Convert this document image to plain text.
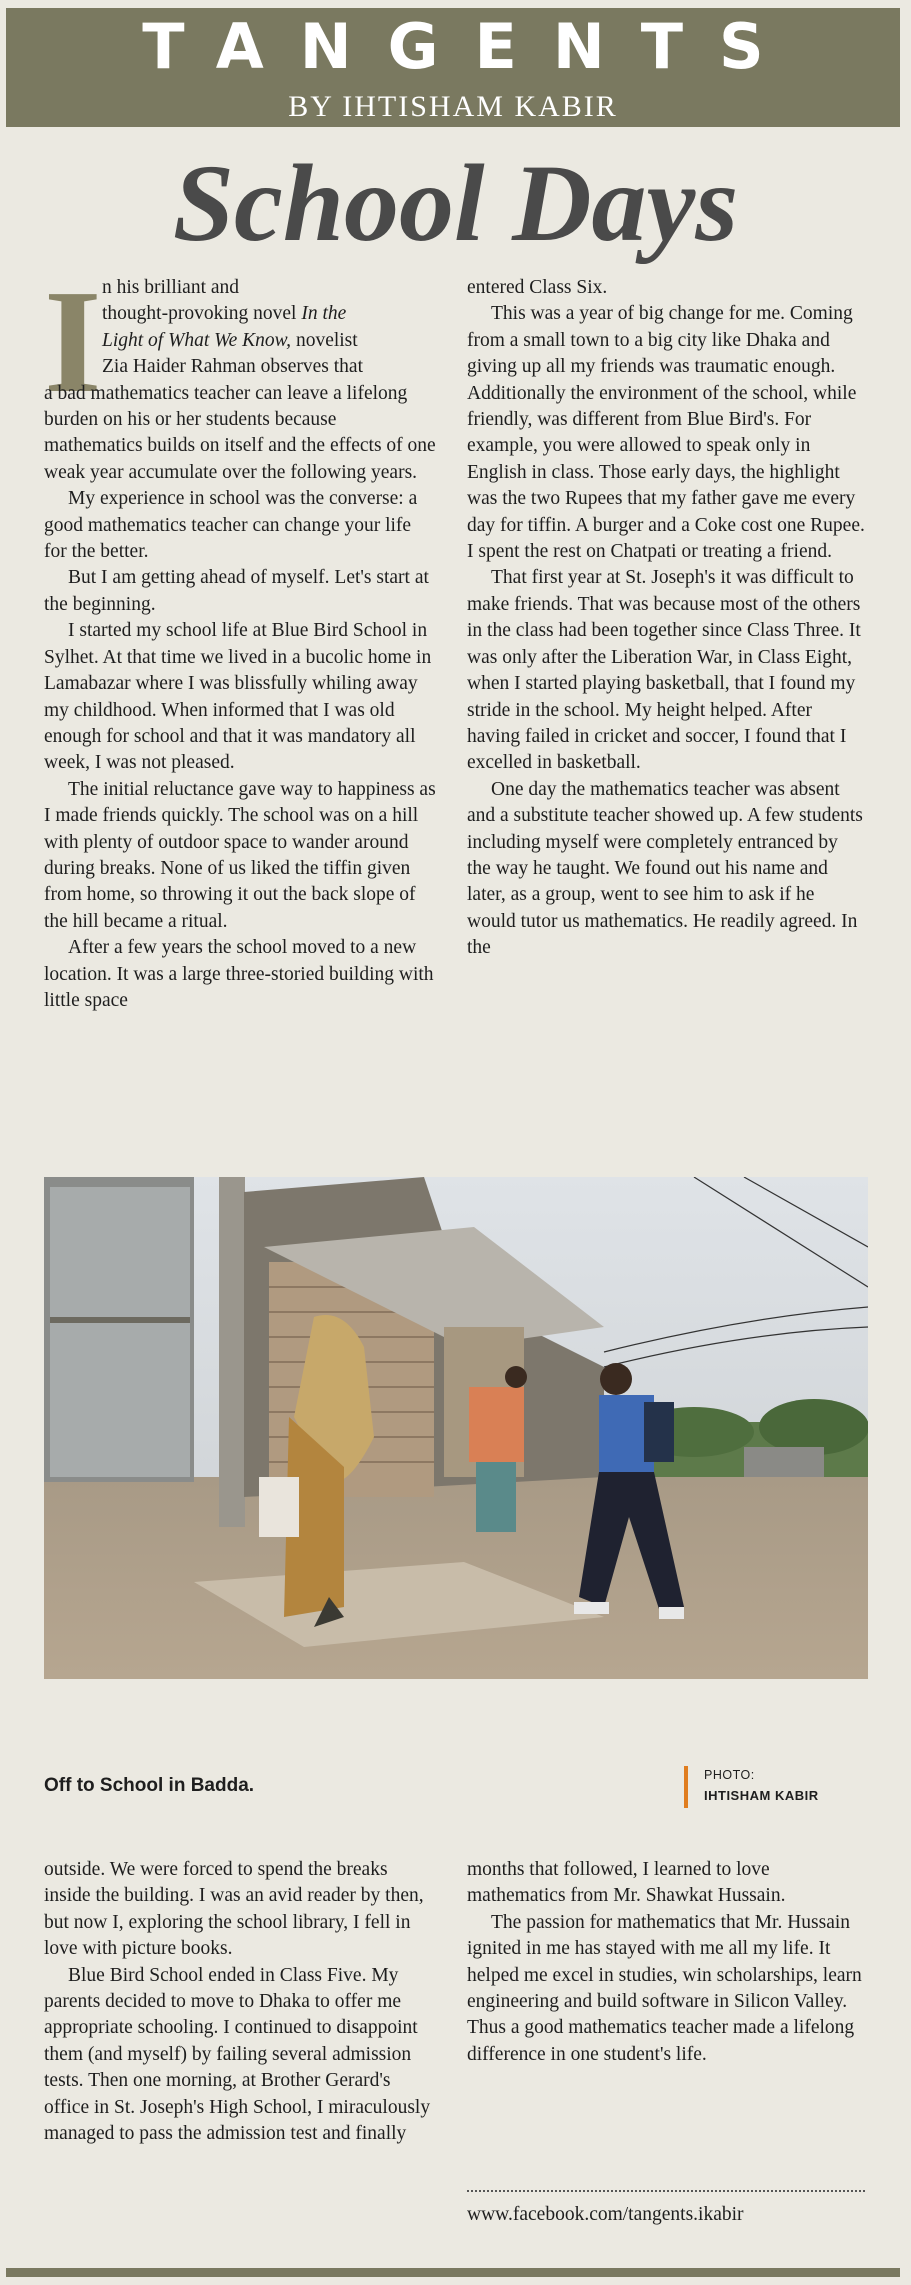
TANGENTS
BY IHTISHAM KABIR
School Days
I n his brilliant and
thought-provoking novel In the
Light of What We Know, novelist
Zia Haider Rahman observes that
a bad mathematics teacher can leave a lifelong burden on his or her students because mathematics builds on itself and the effects of one weak year accumulate over the following years.

My experience in school was the converse: a good mathematics teacher can change your life for the better.

But I am getting ahead of myself. Let's start at the beginning.

I started my school life at Blue Bird School in Sylhet. At that time we lived in a bucolic home in Lamabazar where I was blissfully whiling away my childhood. When informed that I was old enough for school and that it was mandatory all week, I was not pleased.

The initial reluctance gave way to happiness as I made friends quickly. The school was on a hill with plenty of outdoor space to wander around during breaks. None of us liked the tiffin given from home, so throwing it out the back slope of the hill became a ritual.

After a few years the school moved to a new location. It was a large three-storied building with little space

entered Class Six.

This was a year of big change for me. Coming from a small town to a big city like Dhaka and giving up all my friends was traumatic enough. Additionally the environment of the school, while friendly, was different from Blue Bird's. For example, you were allowed to speak only in English in class. Those early days, the highlight was the two Rupees that my father gave me every day for tiffin. A burger and a Coke cost one Rupee. I spent the rest on Chatpati or treating a friend.

That first year at St. Joseph's it was difficult to make friends. That was because most of the others in the class had been together since Class Three. It was only after the Liberation War, in Class Eight, when I started playing basketball, that I found my stride in the school. My height helped. After having failed in cricket and soccer, I found that I excelled in basketball.

One day the mathematics teacher was absent and a substitute teacher showed up. A few students including myself were completely entranced by the way he taught. We found out his name and later, as a group, went to see him to ask if he would tutor us mathematics. He readily agreed. In the

Off to School in Badda.	PHOTO:
IHTISHAM KABIR

outside. We were forced to spend the breaks inside the building. I was an avid reader by then, but now I, exploring the school library, I fell in love with picture books.

Blue Bird School ended in Class Five. My parents decided to move to Dhaka to offer me appropriate schooling. I continued to disappoint them (and myself) by failing several admission tests. Then one morning, at Brother Gerard's office in St. Joseph's High School, I miraculously managed to pass the admission test and finally

months that followed, I learned to love mathematics from Mr. Shawkat Hussain.

The passion for mathematics that Mr. Hussain ignited in me has stayed with me all my life. It helped me excel in studies, win scholarships, learn engineering and build software in Silicon Valley. Thus a good mathematics teacher made a lifelong difference in one student's life.

www.facebook.com/tangents.ikabir
